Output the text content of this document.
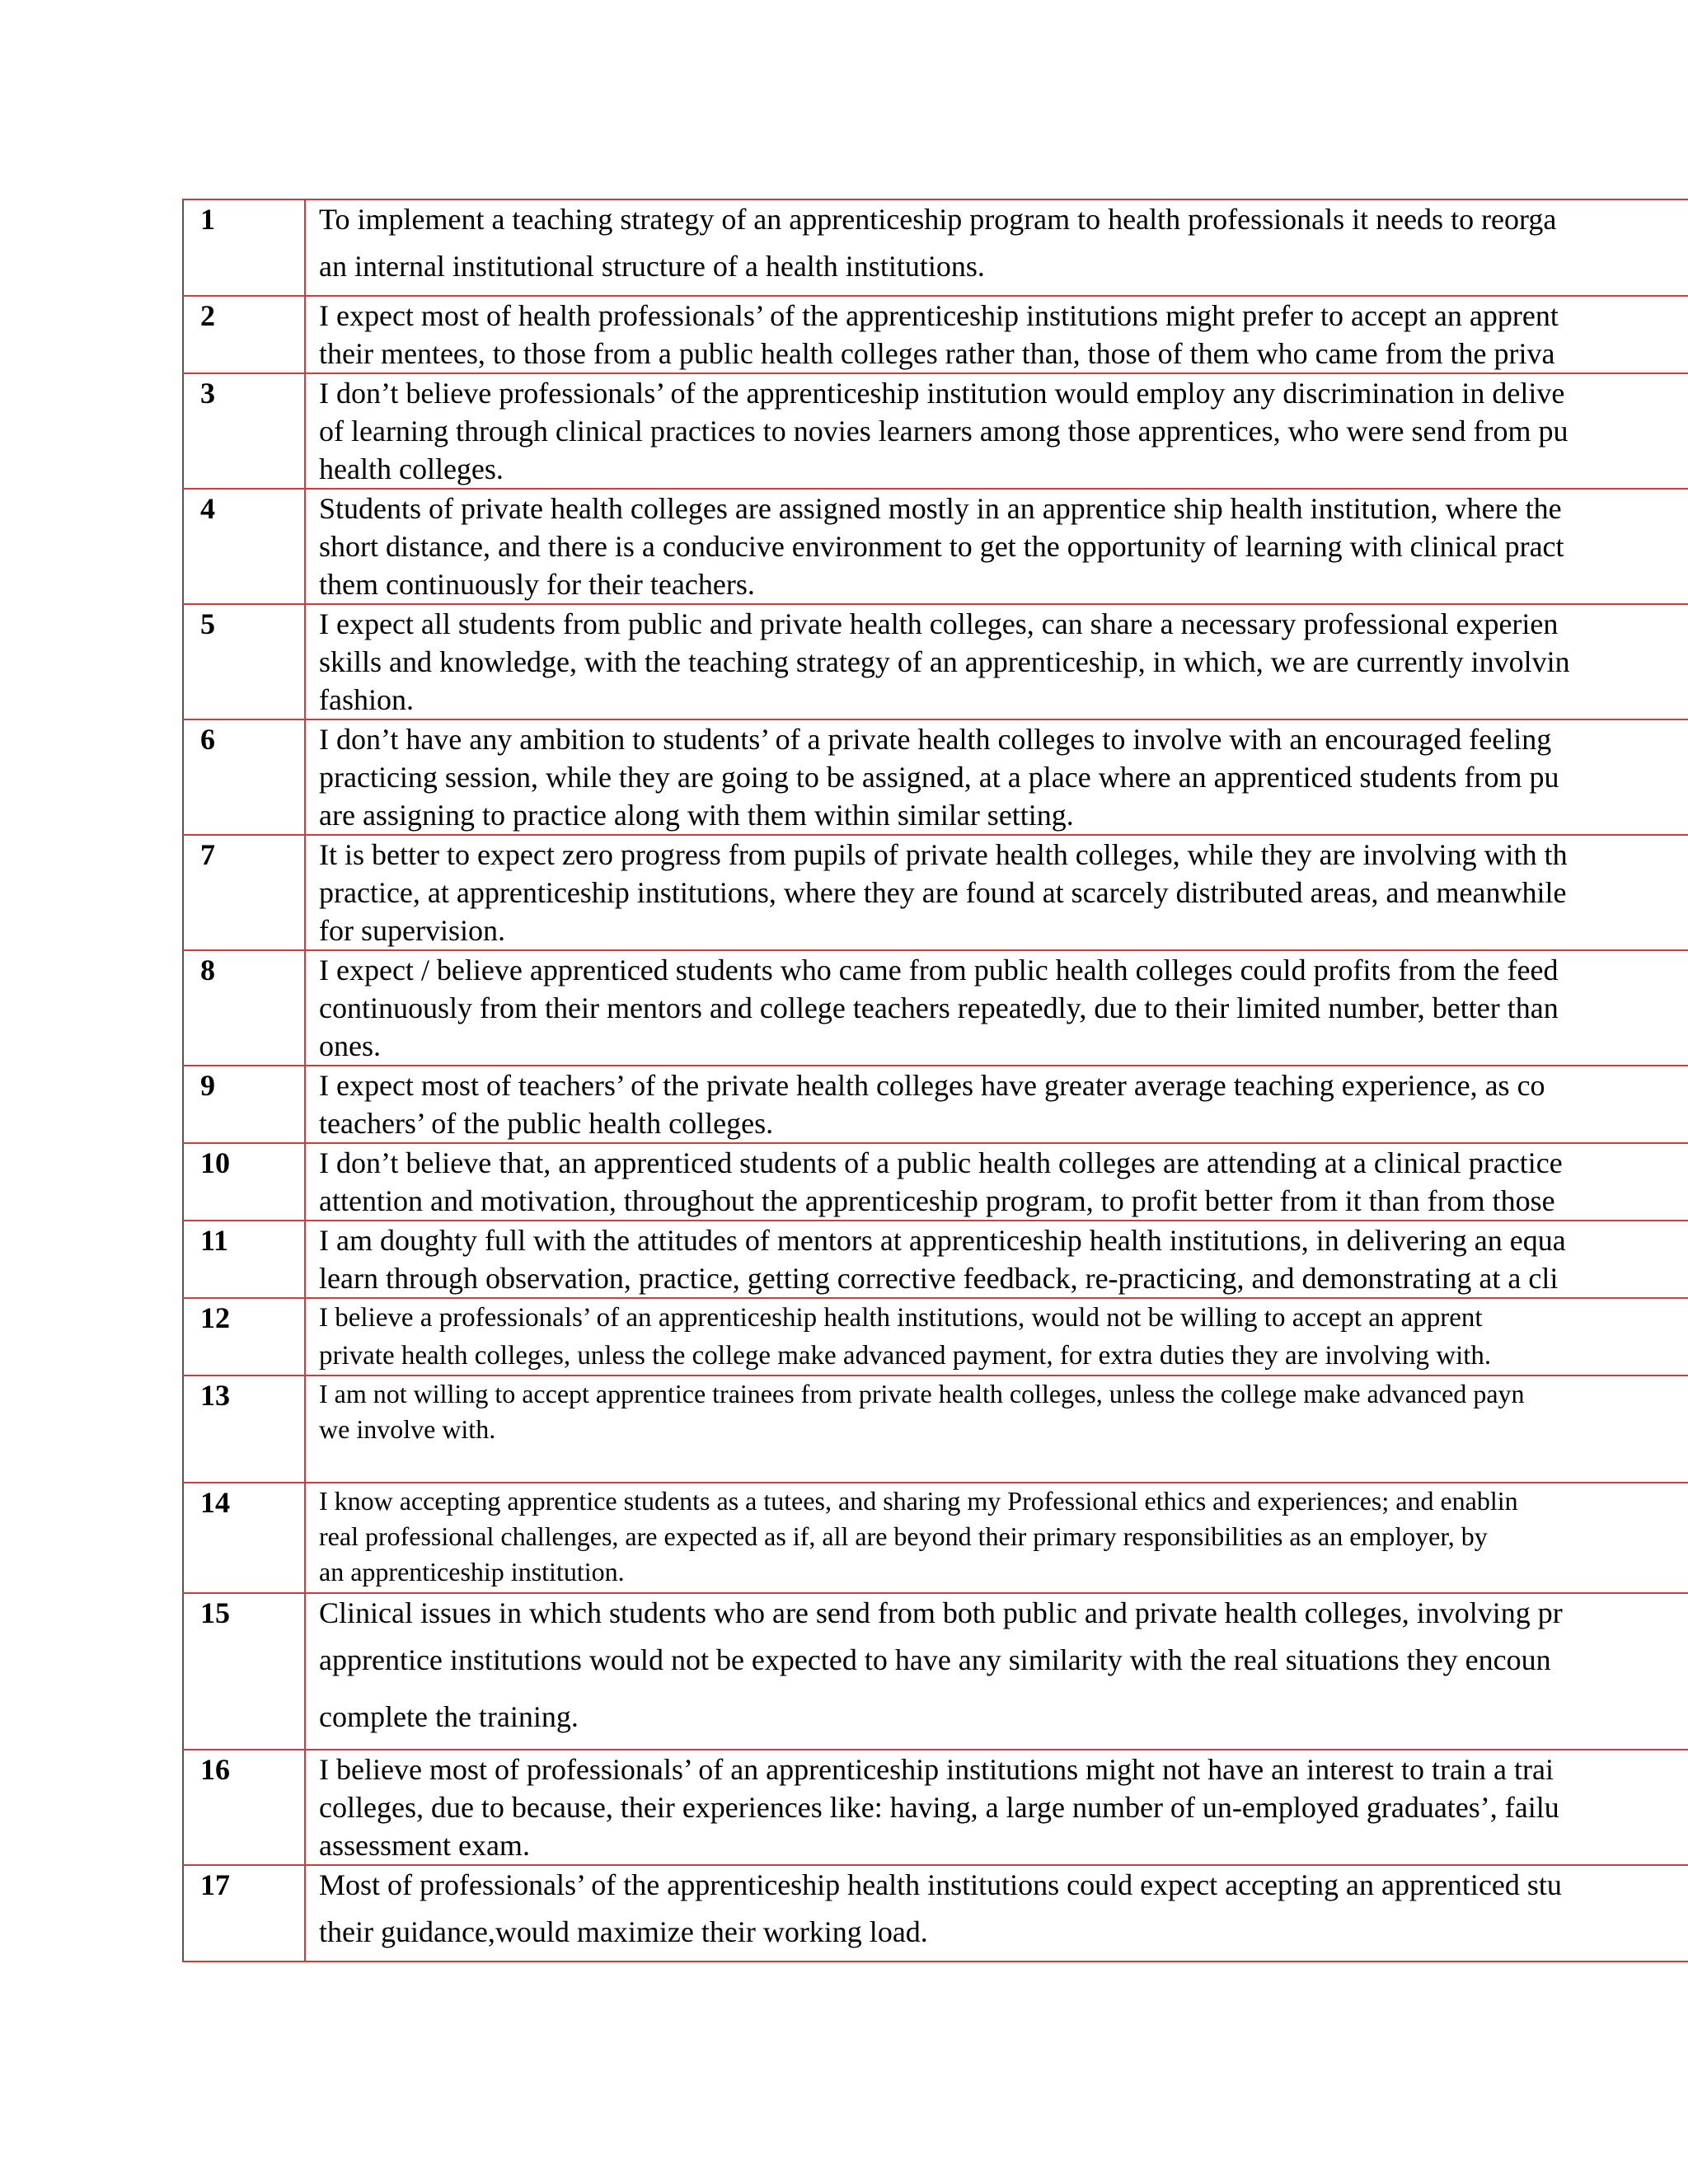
1	To implement a teaching strategy of an apprenticeship program to health professionals it needs to reorga
an internal institutional structure of a health institutions.

2	I expect most of health professionals’ of the apprenticeship institutions might prefer to accept an apprent
their mentees, to those from a public health colleges rather than, those of them who came from the priva

3	I don’t believe professionals’ of the apprenticeship institution would employ any discrimination in delive
of learning through clinical practices to novies learners among those apprentices, who were send from pu
health colleges.

4	Students of private health colleges are assigned mostly in an apprentice ship health institution, where the
short distance, and there is a conducive environment to get the opportunity of learning with clinical pract
them continuously for their teachers.

5	I expect all students from public and private health colleges, can share a necessary professional experien
skills and knowledge, with the teaching strategy of an apprenticeship, in which, we are currently involvin
fashion.

6	I don’t have any ambition to students’ of a private health colleges to involve with an encouraged feeling
practicing session, while they are going to be assigned, at a place where an apprenticed students from pu
are assigning to practice along with them within similar setting.

7	It is better to expect zero progress from pupils of private health colleges, while they are involving with th
practice, at apprenticeship institutions, where they are found at scarcely distributed areas, and meanwhile
for supervision.

8	I expect / believe apprenticed students who came from public health colleges could profits from the feed
continuously from their mentors and college teachers repeatedly, due to their limited number, better than
ones.

9	I expect most of teachers’ of the private health colleges have greater average teaching experience, as co
teachers’ of the public health colleges.

10	I don’t believe that, an apprenticed students of a public health colleges are attending at a clinical practice
attention and motivation, throughout the apprenticeship program, to profit better from it than from those

11	I am doughty full with the attitudes of mentors at apprenticeship health institutions, in delivering an equa
learn through observation, practice, getting corrective feedback, re-practicing, and demonstrating at a cli

12	I believe a professionals’ of an apprenticeship health institutions, would not be willing to accept an apprent
private health colleges, unless the college make advanced payment, for extra duties they are involving with.

13	I am not willing to accept apprentice trainees from private health colleges, unless the college make advanced payn
we involve with.

14	I know accepting apprentice students as a tutees, and sharing my Professional ethics and experiences; and enablin
real professional challenges, are expected as if, all are beyond their primary responsibilities as an employer, by
an apprenticeship institution.

15	Clinical issues in which students who are send from both public and private health colleges, involving pr
apprentice institutions would not be expected to have any similarity with the real situations they encoun
complete the training.

16	I believe most of professionals’ of an apprenticeship institutions might not have an interest to train a trai
colleges, due to because, their experiences like: having, a large number of un-employed graduates’, failu
assessment exam.

17	Most of professionals’ of the apprenticeship health institutions could expect accepting an apprenticed stu
their guidance,would maximize their working load.
